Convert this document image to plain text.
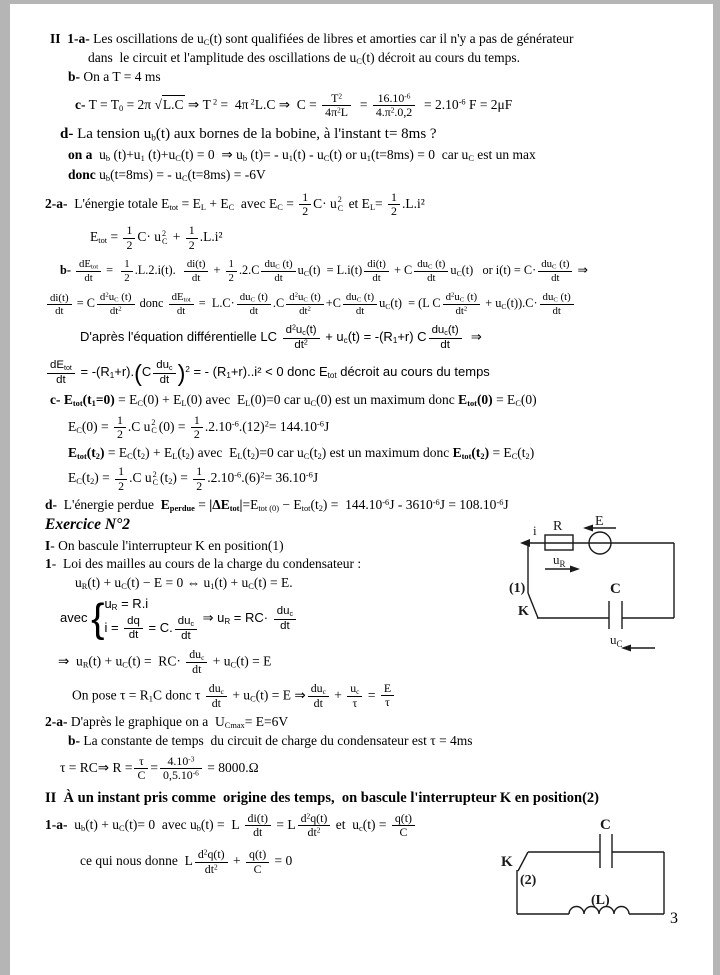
II  1-a- Les oscillations de $u_C(t)$ sont qualifiées de libres et amorties car il n'y a pas de générateur
dans  le circuit et l'amplitude des oscillations de $u_C(t)$ décroit au cours du temps.
b- On a T = 4 ms
c- $T = T_0 = 2\pi$ √L.C ⇒ T $^2$ =  4π $^2$L.C ⇒  $C = \frac{T^2}{4\pi^2L} = \frac{16.10^{-6}}{4.\pi^2.0,2} = 2.10^{-6}$ F = 2μF
d- La tension $u_b(t)$ aux bornes de la bobine, à l'instant t= 8ms ?
on a  $u_b$ $(t)+u_1$ $(t)+u_C(t) = 0$  ⇒ $u_b$ $(t)= - u_1(t) - u_C(t)$ or $u_1(t=8ms) = 0$  car $u_C$ est un max
donc $u_b(t=8ms)$ = - $u_C(t=8ms) = -6V$
2-a-  L'énergie totale $E_{tot} = E_L + E_C$  avec $E_C = \frac{1}{2} C\cdot u$ 2
C et $E_L= \frac{1}{2} .L.i^2$
$E_{tot} = \frac{1}{2} C\cdot u$ 2
$C + \frac{1}{2} .L.i^2$
b- $dE_{tot}$
dt
= $\frac{1}{2} .L.2.i(t)$. $\frac{di(t)}{dt} + \frac{1}{2} .2.C$ $du_C$ (t)
dt
$u_C(t) = L.i(t) \frac{di(t)}{dt} + C$ $du_C$ (t)
dt
$u_C(t)$   or $i(t) = C\cdot du_C$ (t)
dt
⇒
$\frac{di(t)}{dt} = C \frac{d^2u_C (t)}{dt^2}$ donc $dE_{tot}$
dt
=  $L.C\cdot du_C$ (t)
dt
$.C \frac{d^2u_C (t)}{dt^2} +C$ $du_C$ (t)
dt
$u_C(t) = (L$ C $\frac{d^2u_C (t)}{dt^2} + u_C(t)).C\cdot du_C$ (t)
dt
D'après l'équation différentielle LC $\frac{d^2u_c(t)}{dt^2} + u_c(t) = -(R_1+r)$ C $du_c(t)$
dt
⇒
$dE_{tot}$
dt
= $-(R_1+r).(C$ $du_c$
dt )$^2$ = - $(R_1+r)..i^2 < 0$ donc $E_{tot}$ décroit au cours du temps
c- $E_{tot}(t_1=0) = E_C(0) + E_L(0)$ avec  $E_L(0)=0$ car $u_C(0)$ est un maximum donc $E_{tot}(0) = E_C(0)$
$E_C(0) = \frac{1}{2} .C$ u 2
C $(0) = \frac{1}{2} .2.10^{-6}.(12)^2= 144.10^{-6}J$
$E_{tot}(t_2) = E_C(t_2) + E_L(t_2)$ avec  $E_L(t_2)=0$ car $u_C(t_2)$ est un maximum donc $E_{tot}(t_2) = E_C(t_2)$
$E_C(t_2) = \frac{1}{2} .C$ u 2
C $(t_2) = \frac{1}{2} .2.10^{-6}.(6)^2= 36.10^{-6}J$
d-  L'énergie perdue  $E_{perdue} = |\Delta E_{tot}|=E_{tot (0)} - E_{tot}(t_2) = 144.10^{-6}J - 3610^{-6}J = 108.10^{-6}J$
i R E
$u_R$
(1)
K
C
$u_C$
Exercice N°2
I- On bascule l'interrupteur K en position(1)
1-  Loi des mailles au cours de la charge du condensateur :
$u_R(t) + u_C(t) - E = 0$ ⇔ $u_1(t) + u_C(t) = E$.
avec { $u_R = R.i$
$i = \frac{dq}{dt} = C$. $du_c$
dt
⇒ $u_R = RC\cdot du_c$
dt
⇒  $u_R(t) + u_C(t) = RC\cdot du_c$
dt
+ $u_C(t) = E$
On pose $\tau = R_1C$ donc τ $du_c$
dt
+ $u_C(t) = E$ ⇒ $du_c$
dt
+ $\frac{u_c}{\tau} = \frac{E}{\tau}$
2-a- D'après le graphique on a  $U_{Cmax}= E=6V$
b- La constante de temps  du circuit de charge du condensateur est τ = 4ms
τ = RC⇒ $R = \frac{\tau}{C} = \frac{4.10^{-3}}{0,5.10^{-6}} = 8000.\Omega$
II  À un instant pris comme  origine des temps,  on bascule l'interrupteur K en position(2)
K
C
(2)
(L)
1-a-  $u_b(t) + u_C(t)= 0$  avec $u_b(t) = L \frac{di(t)}{dt} = L \frac{d^2q(t)}{dt^2}$ et  $u_c(t) = \frac{q(t)}{C}$
ce qui nous donne  L $\frac{d^2q(t)}{dt^2} + \frac{q(t)}{C} = 0$
3
